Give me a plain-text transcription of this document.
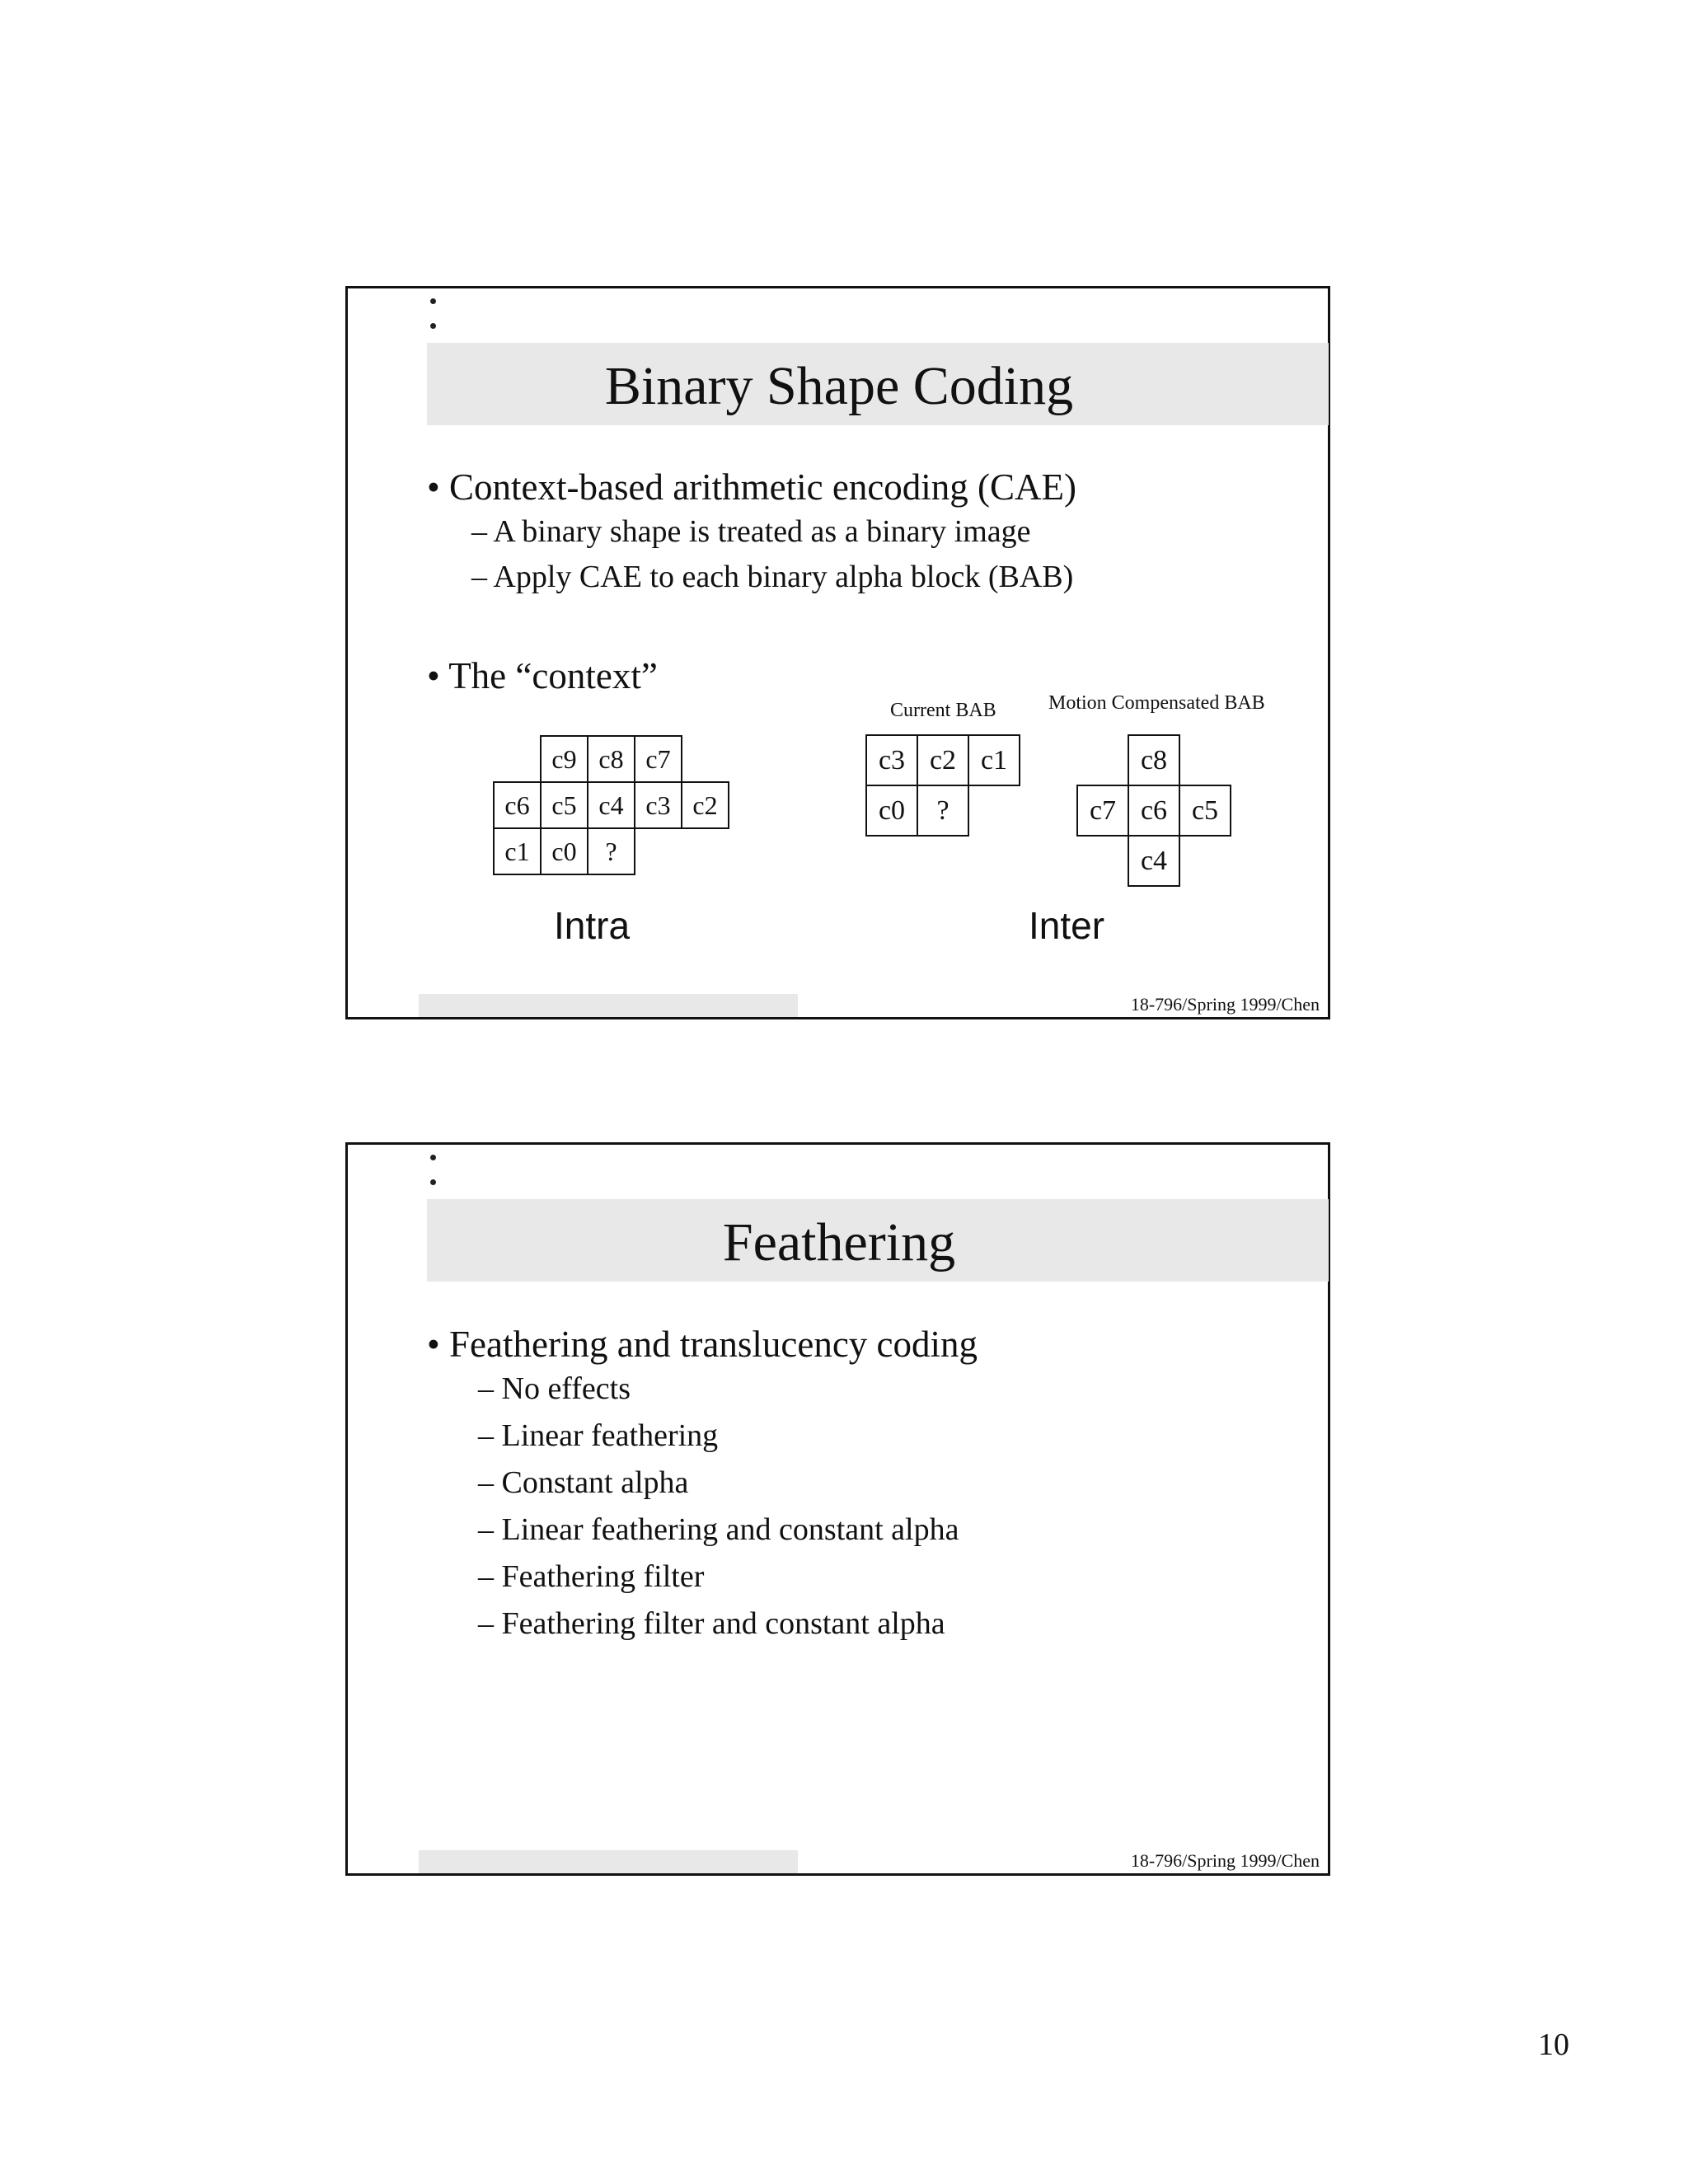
Binary Shape Coding
• Context-based arithmetic encoding (CAE)
– A binary shape is treated as a binary image
– Apply CAE to each binary alpha block (BAB)
• The “context”
c9 c8 c7
c6 c5 c4 c3 c2
c1 c0	?
Intra
Current BAB
c3 c2 c1
c0	?
Motion Compensated BAB
c8
c7 c6 c5
c4
Inter
18-796/Spring 1999/Chen
Feathering
• Feathering and translucency coding
– No effects
– Linear feathering
– Constant alpha
– Linear feathering and constant alpha
– Feathering filter
– Feathering filter and constant alpha
18-796/Spring 1999/Chen
10
